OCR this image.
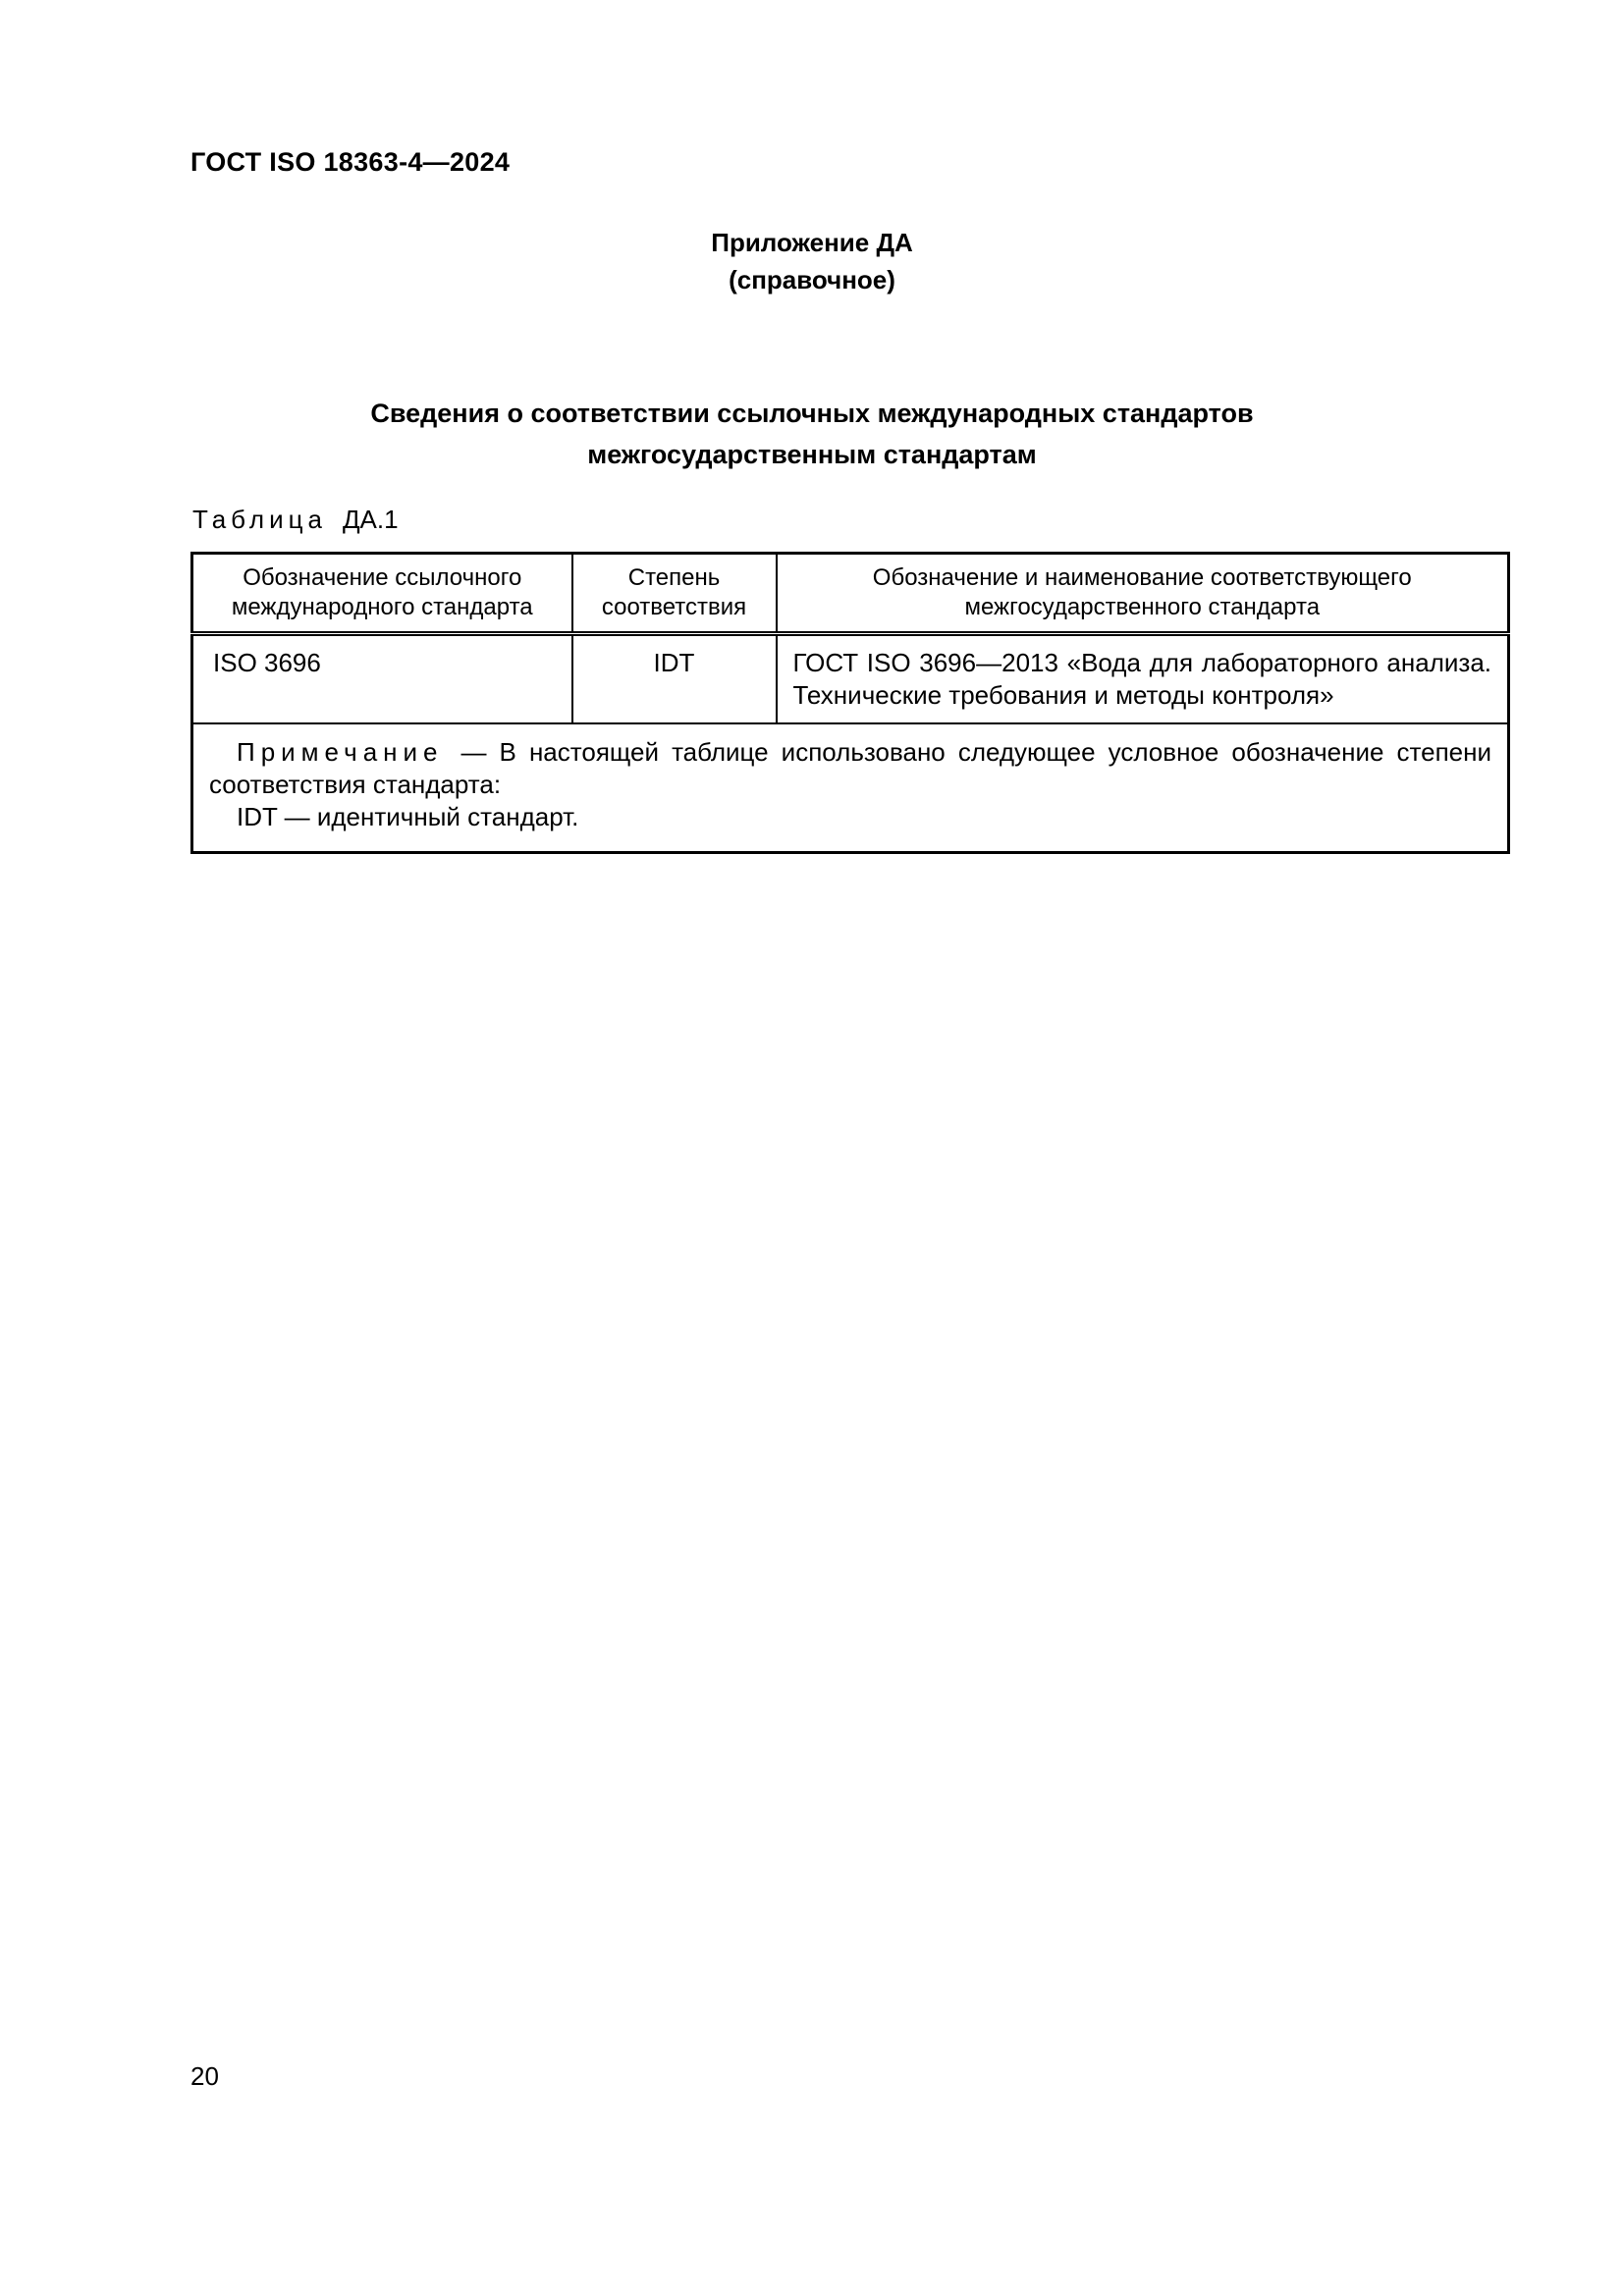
ГОСТ ISO 18363-4—2024
Приложение ДА
(справочное)
Сведения о соответствии ссылочных международных стандартов
межгосударственным стандартам
Таблица ДА.1
Обозначение ссылочного международного стандарта	Степень соответствия	Обозначение и наименование соответствующего межгосударственного стандарта
ISO 3696	IDT	ГОСТ ISO 3696—2013 «Вода для лабораторного анализа. Технические требования и методы контроля»

Примечание — В настоящей таблице использовано следующее условное обозначение степени соответствия стандарта:
IDT — идентичный стандарт.		
20
